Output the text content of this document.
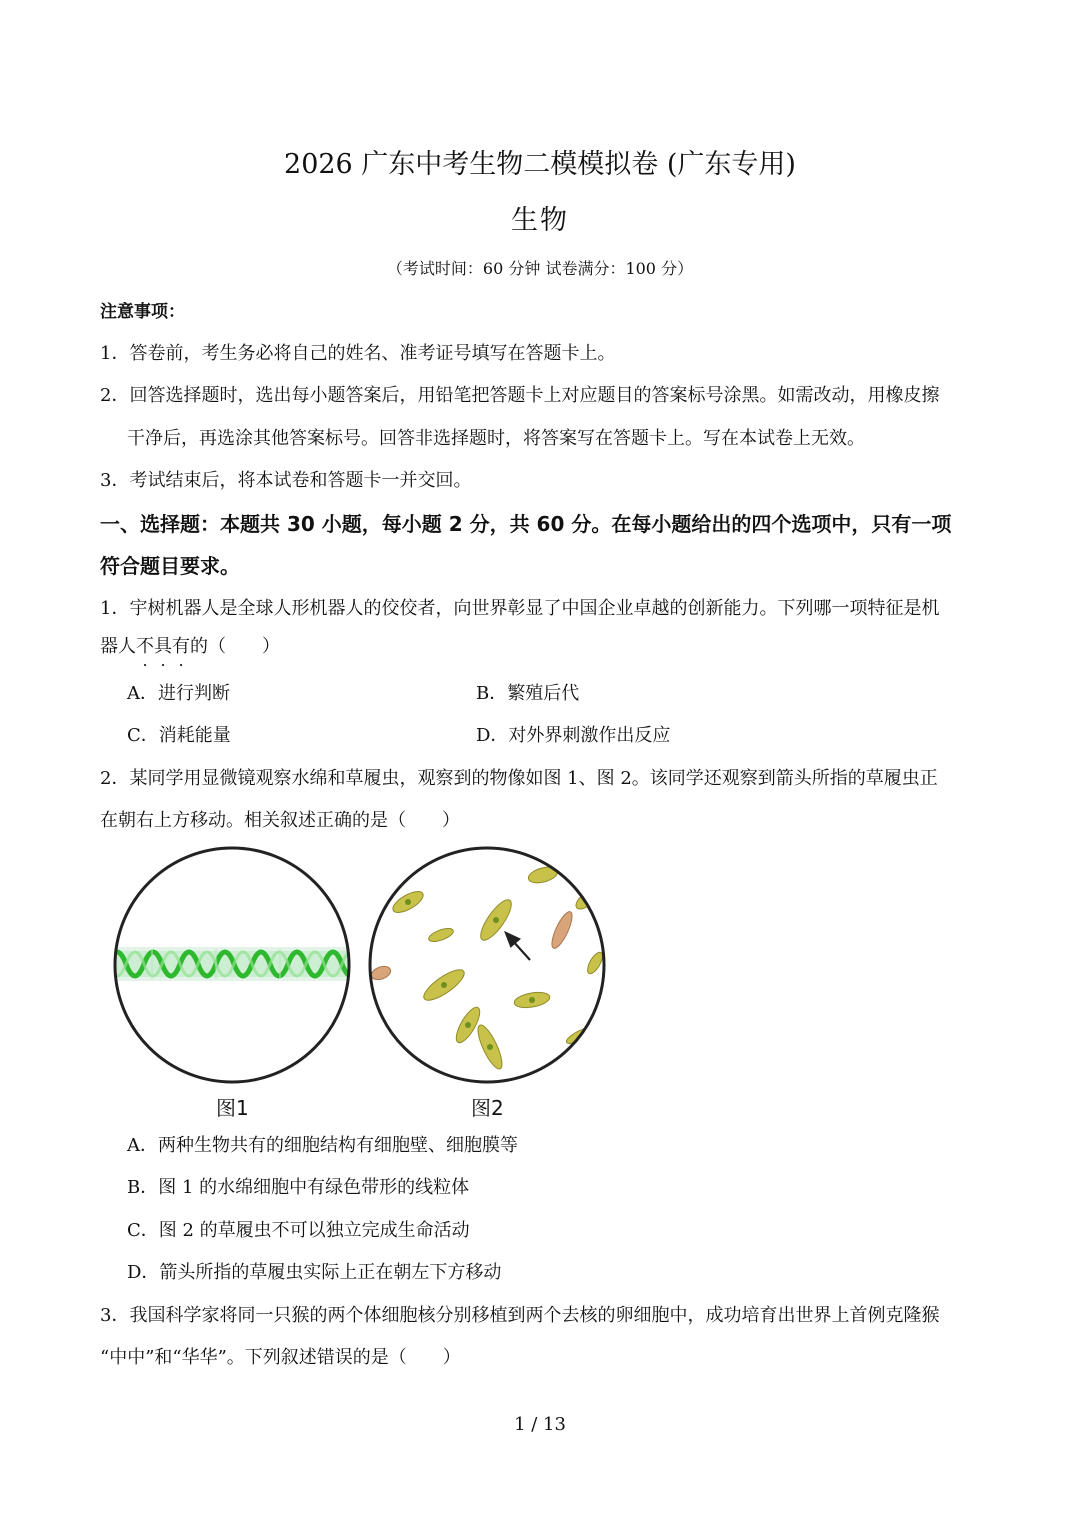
2026 广东中考生物二模模拟卷 (广东专用)
生物
（考试时间：60 分钟 试卷满分：100 分）
注意事项：
1．答卷前，考生务必将自己的姓名、准考证号填写在答题卡上。
2．回答选择题时，选出每小题答案后，用铅笔把答题卡上对应题目的答案标号涂黑。如需改动，用橡皮擦
干净后，再选涂其他答案标号。回答非选择题时，将答案写在答题卡上。写在本试卷上无效。
3．考试结束后，将本试卷和答题卡一并交回。
一、选择题：本题共 30 小题，每小题 2 分，共 60 分。在每小题给出的四个选项中，只有一项
符合题目要求。
1．宇树机器人是全球人形机器人的佼佼者，向世界彰显了中国企业卓越的创新能力。下列哪一项特征是机
器人不具有的（　　）
A．进行判断	B．繁殖后代
C．消耗能量	D．对外界刺激作出反应
2．某同学用显微镜观察水绵和草履虫，观察到的物像如图 1、图 2。该同学还观察到箭头所指的草履虫正
在朝右上方移动。相关叙述正确的是（　　）
图1	图2
A．两种生物共有的细胞结构有细胞壁、细胞膜等
B．图 1 的水绵细胞中有绿色带形的线粒体
C．图 2 的草履虫不可以独立完成生命活动
D．箭头所指的草履虫实际上正在朝左下方移动
3．我国科学家将同一只猴的两个体细胞核分别移植到两个去核的卵细胞中，成功培育出世界上首例克隆猴
“中中”和“华华”。下列叙述错误的是（　　）
1 / 13
